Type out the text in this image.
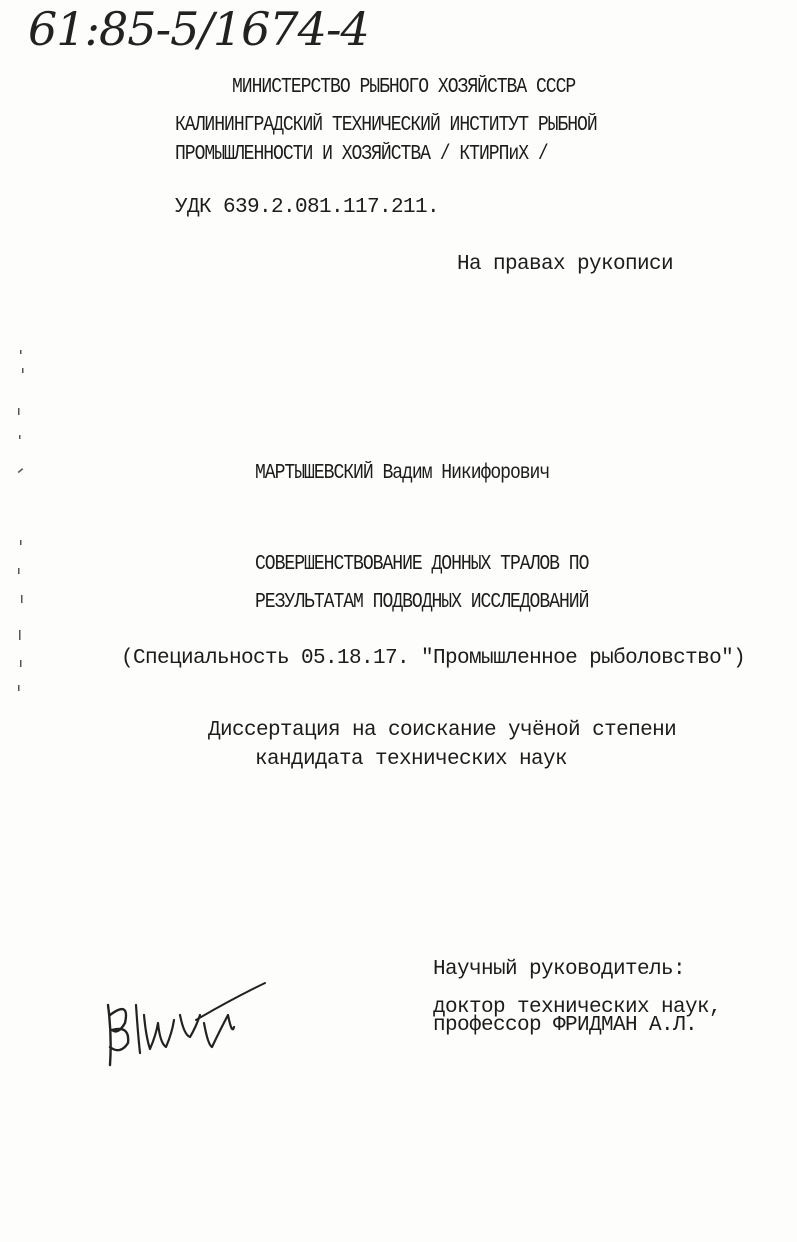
61:85-5/1674-4
МИНИСТЕРСТВО РЫБНОГО ХОЗЯЙСТВА СССР
КАЛИНИНГРАДСКИЙ ТЕХНИЧЕСКИЙ ИНСТИТУТ РЫБНОЙ
ПРОМЫШЛЕННОСТИ И ХОЗЯЙСТВА / КТИРПиХ /
УДК 639.2.081.117.211.
На правах рукописи
МАРТЫШЕВСКИЙ Вадим Никифорович
СОВЕРШЕНСТВОВАНИЕ ДОННЫХ ТРАЛОВ ПО
РЕЗУЛЬТАТАМ ПОДВОДНЫХ ИССЛЕДОВАНИЙ
(Специальность 05.18.17. "Промышленное рыболовство")
Диссертация на соискание учёной степени
кандидата технических наук
Научный руководитель:
доктор технических наук,
профессор ФРИДМАН А.Л.
